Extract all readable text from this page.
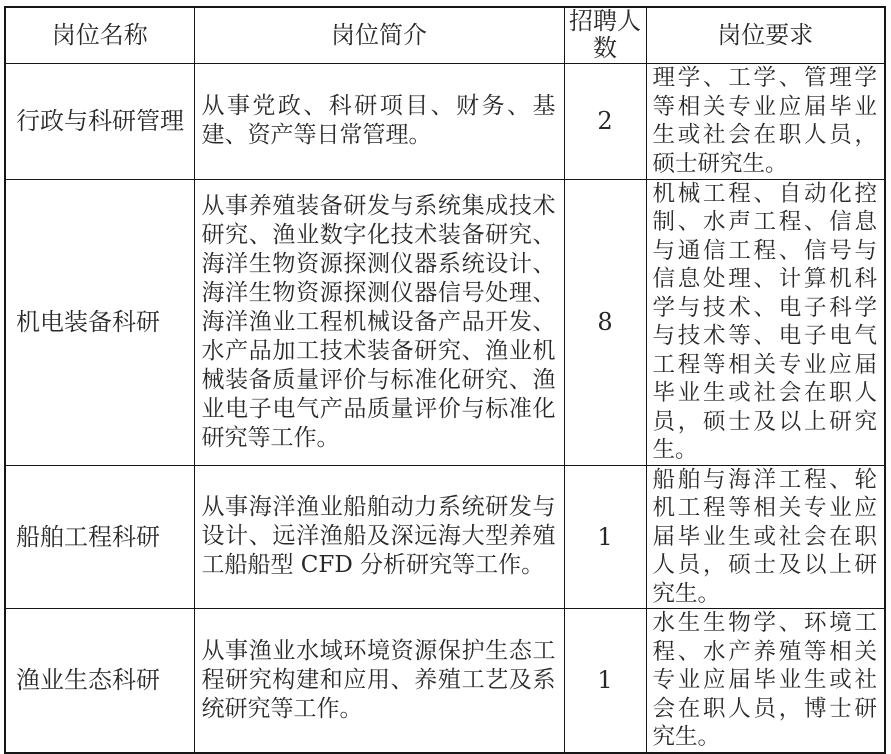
岗位名称	岗位简介	招聘人数	岗位要求
行政与科研管理	从事党政、科研项目、财务、基建、资产等日常管理。	2	理学、工学、管理学等相关专业应届毕业生或社会在职人员，硕士研究生。
机电装备科研	从事养殖装备研发与系统集成技术研究、渔业数字化技术装备研究、海洋生物资源探测仪器系统设计、海洋生物资源探测仪器信号处理、海洋渔业工程机械设备产品开发、水产品加工技术装备研究、渔业机械装备质量评价与标准化研究、渔业电子电气产品质量评价与标准化研究等工作。	8	机械工程、自动化控制、水声工程、信息与通信工程、信号与信息处理、计算机科学与技术、电子科学与技术等、电子电气工程等相关专业应届毕业生或社会在职人员，硕士及以上研究生。
船舶工程科研	从事海洋渔业船舶动力系统研发与设计、远洋渔船及深远海大型养殖工船船型 CFD 分析研究等工作。	1	船舶与海洋工程、轮机工程等相关专业应届毕业生或社会在职人员，硕士及以上研究生。
渔业生态科研	从事渔业水域环境资源保护生态工程研究构建和应用、养殖工艺及系统研究等工作。	1	水生生物学、环境工程、水产养殖等相关专业应届毕业生或社会在职人员，博士研究生。
